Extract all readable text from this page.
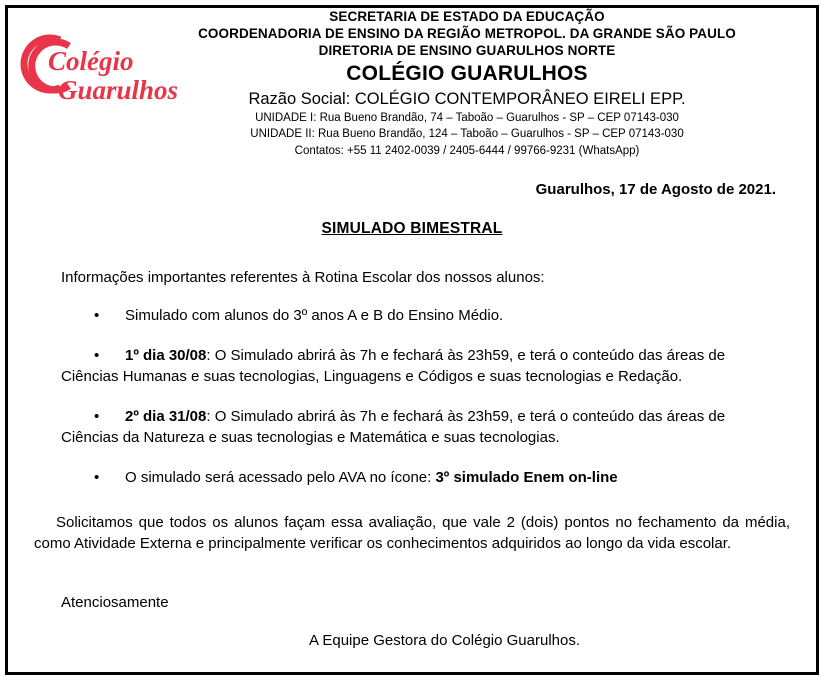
Colégio
Guarulhos
SECRETARIA DE ESTADO DA EDUCAÇÃO
COORDENADORIA DE ENSINO DA REGIÃO METROPOL. DA GRANDE SÃO PAULO
DIRETORIA DE ENSINO GUARULHOS NORTE
COLÉGIO GUARULHOS
Razão Social: COLÉGIO CONTEMPORÂNEO EIRELI EPP.
UNIDADE I: Rua Bueno Brandão, 74 – Taboão – Guarulhos - SP – CEP 07143-030
UNIDADE II: Rua Bueno Brandão, 124 – Taboão – Guarulhos - SP – CEP 07143-030
Contatos: +55 11 2402-0039 / 2405-6444 / 99766-9231 (WhatsApp)
Guarulhos, 17 de Agosto de 2021.
SIMULADO BIMESTRAL
Informações importantes referentes à Rotina Escolar dos nossos alunos:
• Simulado com alunos do 3º anos A e B do Ensino Médio.
• 1º dia 30/08: O Simulado abrirá às 7h e fechará às 23h59, e terá o conteúdo das áreas de
Ciências Humanas e suas tecnologias, Linguagens e Códigos e suas tecnologias e Redação.
• 2º dia 31/08: O Simulado abrirá às 7h e fechará às 23h59, e terá o conteúdo das áreas de
Ciências da Natureza e suas tecnologias e Matemática e suas tecnologias.
• O simulado será acessado pelo AVA no ícone: 3º simulado Enem on-line
Solicitamos que todos os alunos façam essa avaliação, que vale 2 (dois) pontos no fechamento da média, como Atividade Externa e principalmente verificar os conhecimentos adquiridos ao longo da vida escolar.
Atenciosamente
A Equipe Gestora do Colégio Guarulhos.
